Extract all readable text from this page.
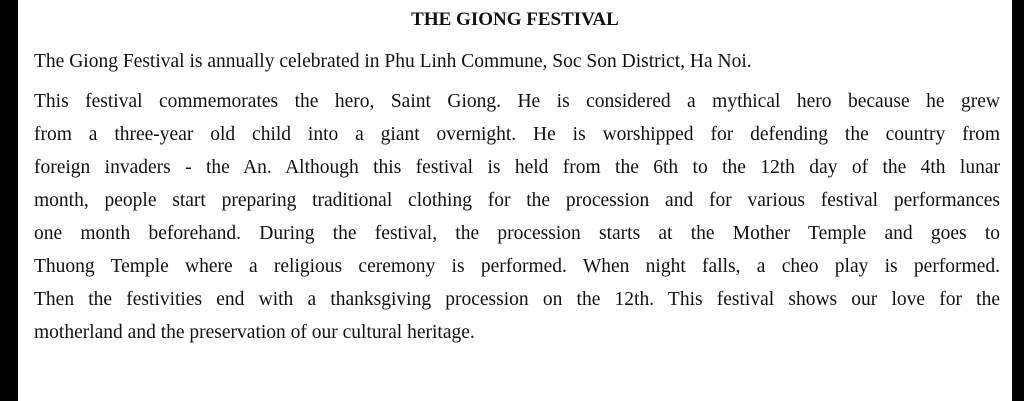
THE GIONG FESTIVAL
The Giong Festival is annually celebrated in Phu Linh Commune, Soc Son District, Ha Noi.
This festival commemorates the hero, Saint Giong. He is considered a mythical hero because he grew
from a three-year old child into a giant overnight. He is worshipped for defending the country from
foreign invaders - the An. Although this festival is held from the 6th to the 12th day of the 4th lunar
month, people start preparing traditional clothing for the procession and for various festival performances
one month beforehand. During the festival, the procession starts at the Mother Temple and goes to
Thuong Temple where a religious ceremony is performed. When night falls, a cheo play is performed.
Then the festivities end with a thanksgiving procession on the 12th. This festival shows our love for the
motherland and the preservation of our cultural heritage.
